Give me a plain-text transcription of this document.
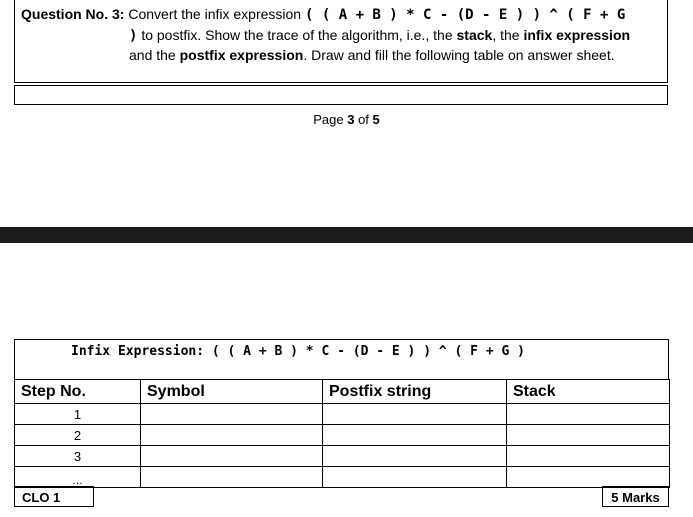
Question No. 3: Convert the infix expression ( ( A + B ) * C - (D - E ) ) ^ ( F + G
) to postfix. Show the trace of the algorithm, i.e., the stack, the infix expression
and the postfix expression. Draw and fill the following table on answer sheet.
Page 3 of 5
Infix Expression: ( ( A + B ) * C - (D - E ) ) ^ ( F + G )
Step No.	Symbol	Postfix string	Stack
1			
2			
3			
…			
CLO 1	5 Marks
